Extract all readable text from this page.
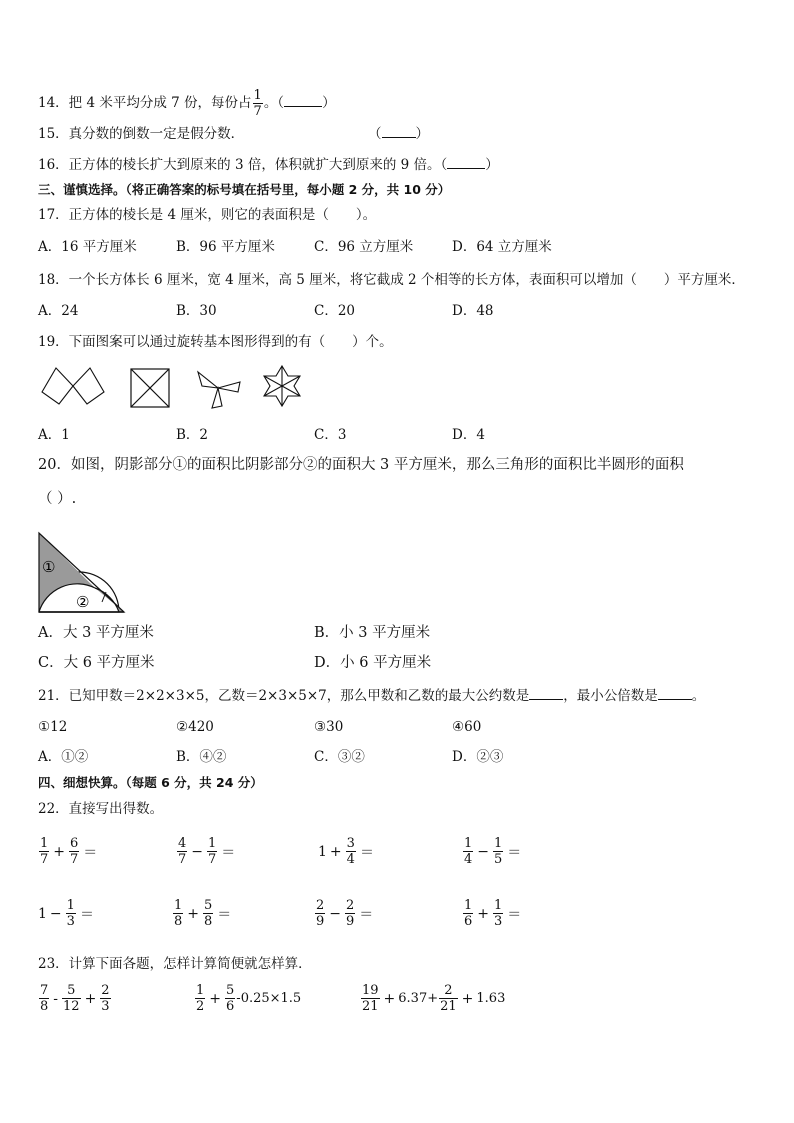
14．把 4 米平均分成 7 份，每份占 $\frac{1}{7}$ 。（	）
15．真分数的倒数一定是假分数．	（	）
16．正方体的棱长扩大到原来的 3 倍，体积就扩大到原来的 9 倍。（	）
三、谨慎选择。（将正确答案的标号填在括号里，每小题 2 分，共 10 分）
17．正方体的棱长是 4 厘米，则它的表面积是（　　）。
A．16 平方厘米	B．96 平方厘米	C．96 立方厘米	D．64 立方厘米
18．一个长方体长 6 厘米，宽 4 厘米，高 5 厘米，将它截成 2 个相等的长方体，表面积可以增加（　　）平方厘米．
A．24	B．30	C．20	D．48
19．下面图案可以通过旋转基本图形得到的有（　　）个。
A．1	B．2	C．3	D．4
20．如图，阴影部分①的面积比阴影部分②的面积大 3 平方厘米，那么三角形的面积比半圆形的面积
（ ）.
①
②
A．大 3 平方厘米	B．小 3 平方厘米
C．大 6 平方厘米	D．小 6 平方厘米
21．已知甲数＝2×2×3×5，乙数＝2×3×5×7，那么甲数和乙数的最大公约数是	，最小公倍数是	。
①12	②420	③30	④60
A．①②	B．④②	C．③②	D．②③
四、细想快算。（每题 6 分，共 24 分）
22．直接写出得数。
$\frac{1}{7} + \frac{6}{7}$ ＝	$\frac{4}{7} - \frac{1}{7}$ ＝	$1 + \frac{3}{4}$ ＝	$\frac{1}{4} - \frac{1}{5}$ ＝
$1 - \frac{1}{3}$ ＝	$\frac{1}{8} + \frac{5}{8}$ ＝	$\frac{2}{9} - \frac{2}{9}$ ＝	$\frac{1}{6} + \frac{1}{3}$ ＝
23．计算下面各题，怎样计算简便就怎样算．
$\frac{7}{8} - \frac{5}{12} + \frac{2}{3}$	$\frac{1}{2} + \frac{5}{6} -0.25\times 1.5$	$\frac{19}{21} + 6.37+ \frac{2}{21} + 1.63$
